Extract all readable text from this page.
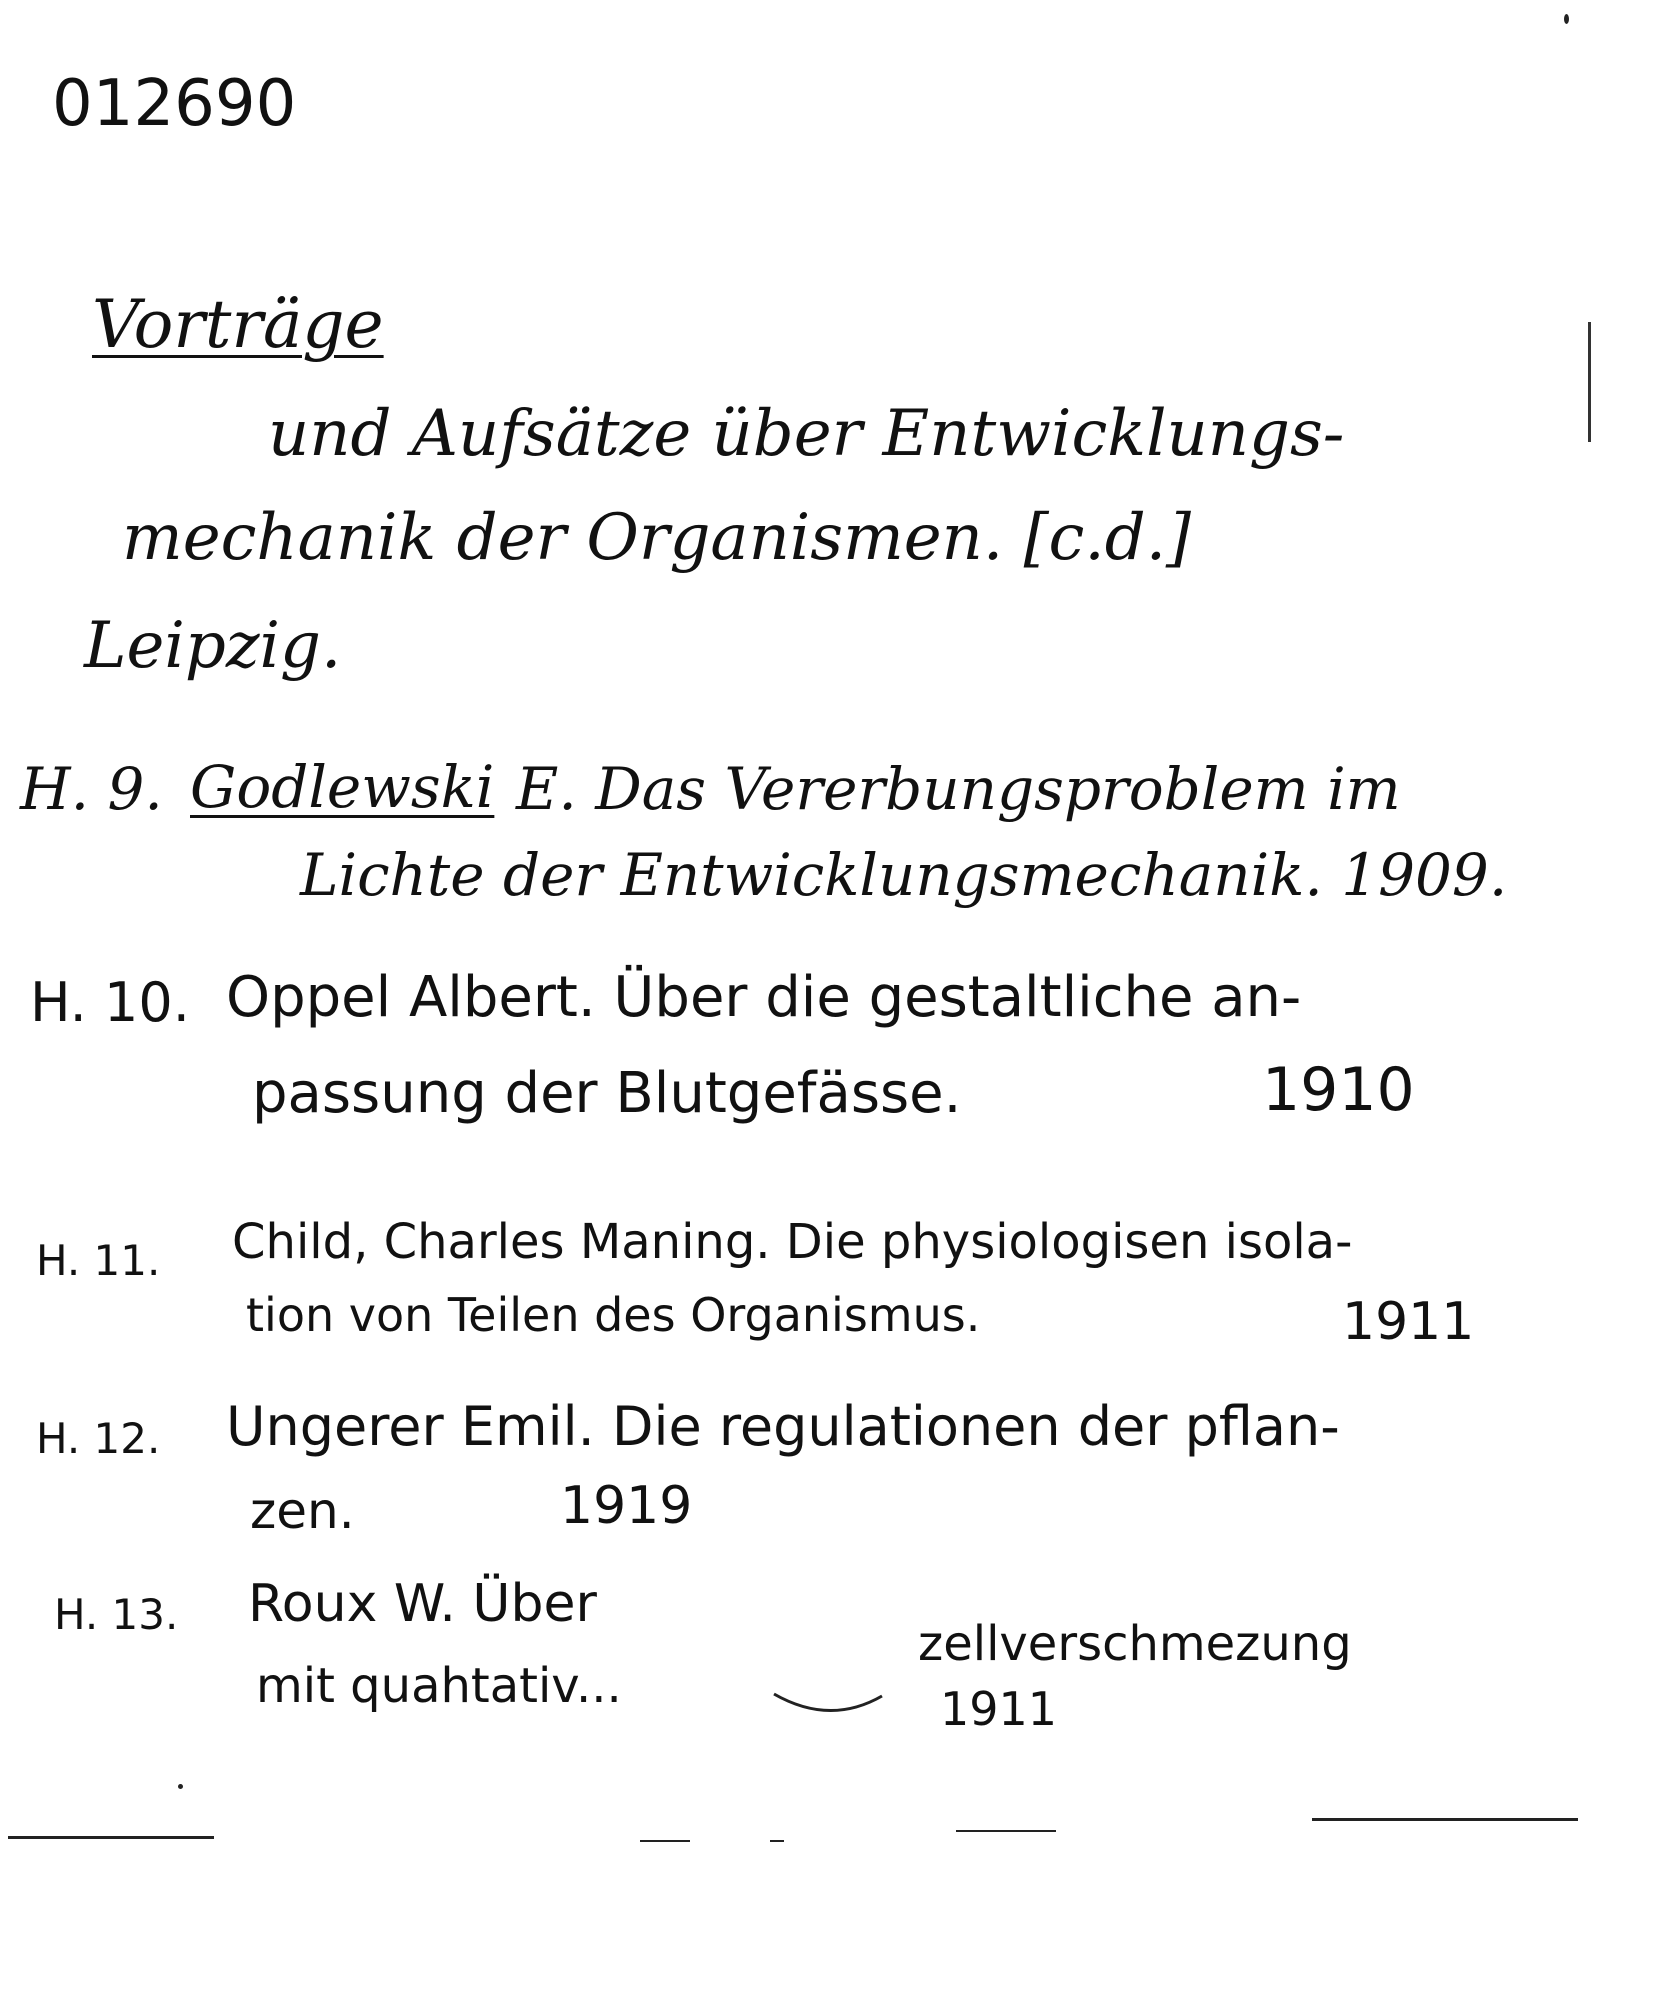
012690
Vorträge
und Aufsätze über Entwicklungs-
mechanik der Organismen. [c.d.]
Leipzig.
H. 9. Godlewski E. Das Vererbungsproblem im
Lichte der Entwicklungsmechanik. 1909.
H. 10. Oppel Albert. Über die gestaltliche an-
passung der Blutgefässe.	1910
H. 11. Child, Charles Maning. Die physiologisen isola-
tion von Teilen des Organismus.	1911
H. 12. Ungerer Emil. Die regulationen der pflan-
zen.	1919
H. 13. Roux W. Über
mit quahtativ...
zellverschmezung
1911
